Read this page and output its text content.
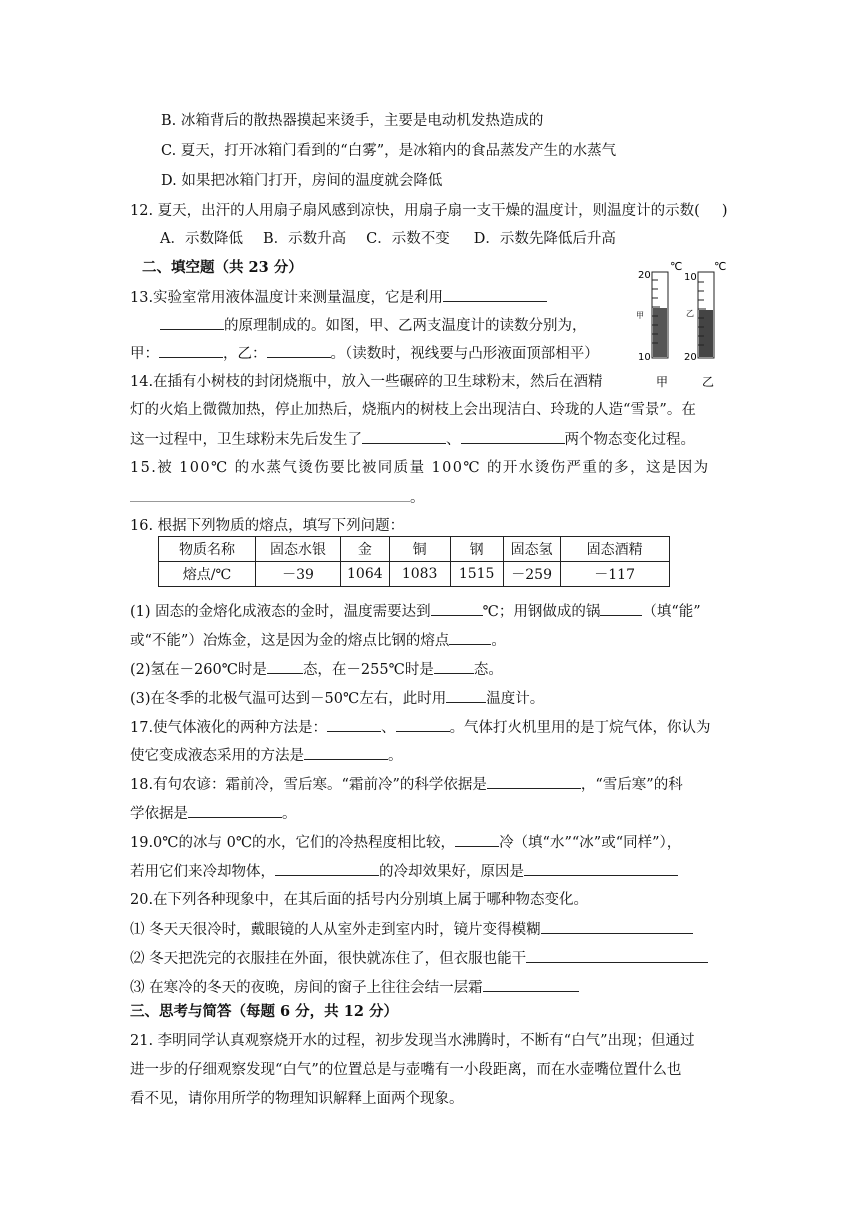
B. 冰箱背后的散热器摸起来烫手，主要是电动机发热造成的
C. 夏天，打开冰箱门看到的“白雾”，是冰箱内的食品蒸发产生的水蒸气
D. 如果把冰箱门打开，房间的温度就会降低
12. 夏天，出汗的人用扇子扇风感到凉快，用扇子扇一支干燥的温度计，则温度计的示数( )
A．示数降低 B．示数升高 C．示数不变 D．示数先降低后升高
二、填空题（共 23 分）
13.实验室常用液体温度计来测量温度，它是利用
的原理制成的。如图，甲、乙两支温度计的读数分别为，
甲：	，乙：	。（读数时，视线要与凸形液面顶部相平）
20
℃
10
甲
10
℃
20
乙
甲	乙
14.在插有小树枝的封闭烧瓶中，放入一些碾碎的卫生球粉末，然后在酒精
灯的火焰上微微加热，停止加热后，烧瓶内的树枝上会出现洁白、玲珑的人造“雪景”。在
这一过程中，卫生球粉末先后发生了	、	两个物态变化过程。
15.被 100℃ 的水蒸气烫伤要比被同质量 100℃ 的开水烫伤严重的多，这是因为
。
16. 根据下列物质的熔点，填写下列问题：
物质名称	固态水银	金	铜	钢	固态氢	固态酒精
熔点/℃	－39	1064	1083	1515	－259	－117
(1) 固态的金熔化成液态的金时，温度需要达到	℃；用钢做成的锅	（填“能”
或“不能”）冶炼金，这是因为金的熔点比钢的熔点	。
(2)氢在－260℃时是 态，在－255℃时是	态。
(3)在冬季的北极气温可达到－50℃左右，此时用	温度计。
17.使气体液化的两种方法是：	、	。气体打火机里用的是丁烷气体，你认为
使它变成液态采用的方法是	。
18.有句农谚：霜前冷，雪后寒。“霜前冷”的科学依据是	，“雪后寒”的科
学依据是	。
19.0℃的冰与 0℃的水，它们的冷热程度相比较，	冷（填“水”“冰”或“同样”），
若用它们来冷却物体，	的冷却效果好，原因是
20.在下列各种现象中，在其后面的括号内分别填上属于哪种物态变化。
⑴ 冬天天很冷时，戴眼镜的人从室外走到室内时，镜片变得模糊
⑵ 冬天把洗完的衣服挂在外面，很快就冻住了，但衣服也能干
⑶ 在寒冷的冬天的夜晚，房间的窗子上往往会结一层霜
三、思考与简答（每题 6 分，共 12 分）
21. 李明同学认真观察烧开水的过程，初步发现当水沸腾时，不断有“白气”出现；但通过
进一步的仔细观察发现“白气”的位置总是与壶嘴有一小段距离，而在水壶嘴位置什么也
看不见，请你用所学的物理知识解释上面两个现象。
